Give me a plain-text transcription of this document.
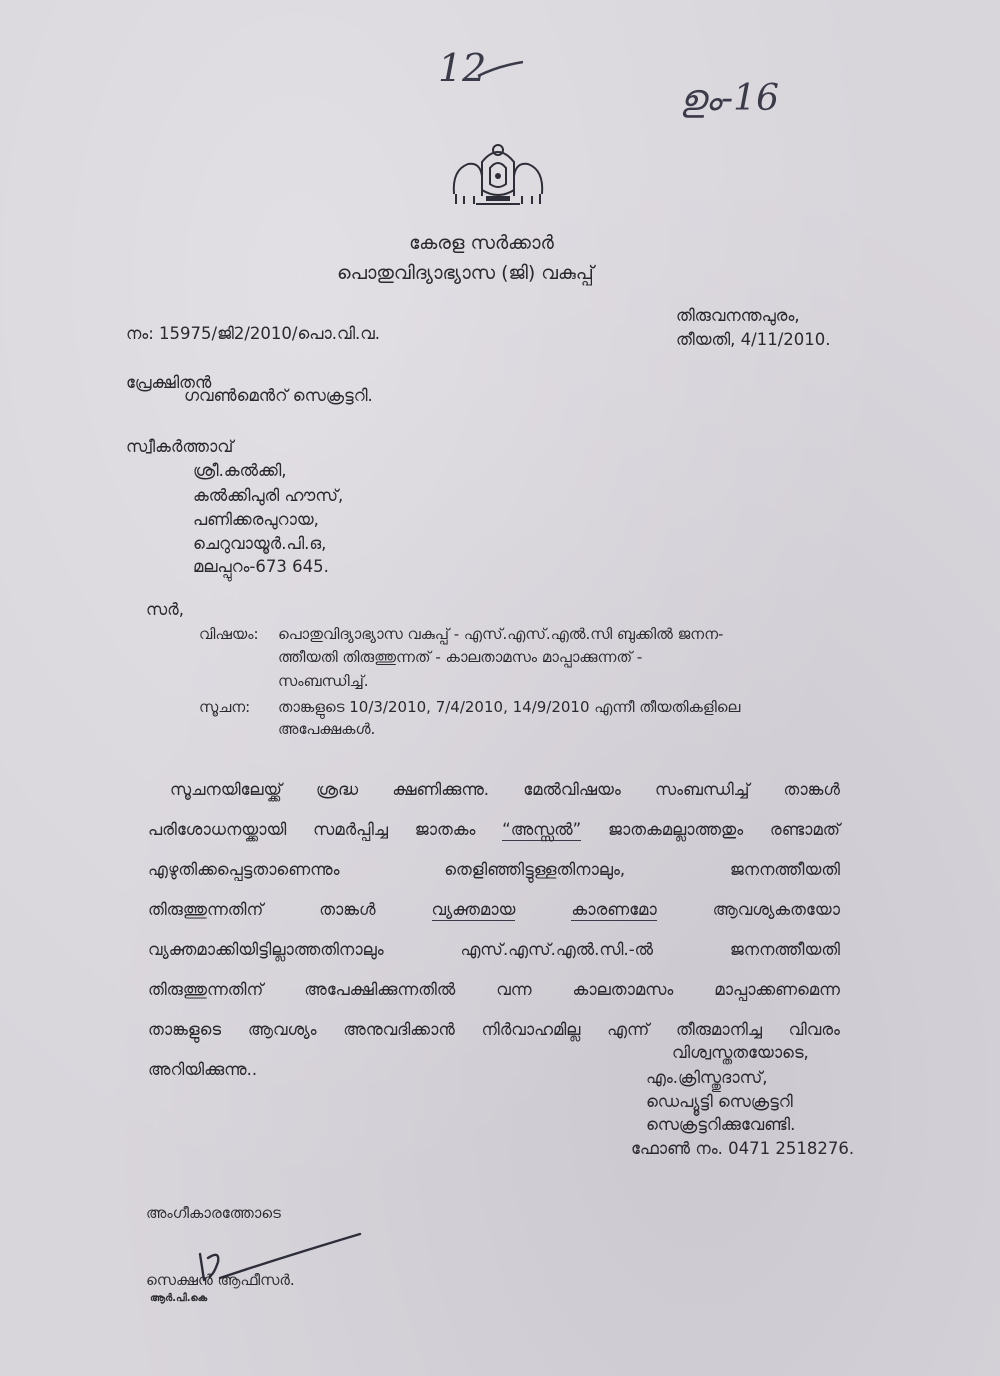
12
ഉം-16
കേരള സർക്കാർ
പൊതുവിദ്യാഭ്യാസ (ജി) വകുപ്പ്
നം: 15975/ജി2/2010/പൊ.വി.വ.
തിരുവനന്തപുരം,
തീയതി, 4/11/2010.
പ്രേക്ഷിതൻ
ഗവൺമെൻറ് സെക്രട്ടറി.
സ്വീകർത്താവ്
ശ്രീ.കൽക്കി,
കൽക്കിപുരി ഹൗസ്,
പണിക്കരപുറായ,
ചെറുവായൂർ.പി.ഒ,
മലപ്പുറം-673 645.
സർ,
വിഷയം: പൊതുവിദ്യാഭ്യാസ വകുപ്പ് - എസ്.എസ്.എൽ.സി ബുക്കിൽ ജനന-
ത്തീയതി തിരുത്തുന്നത് - കാലതാമസം മാപ്പാക്കുന്നത് -
സംബന്ധിച്ച്.
സൂചന: താങ്കളുടെ 10/3/2010, 7/4/2010, 14/9/2010 എന്നീ തീയതികളിലെ
അപേക്ഷകൾ.
സൂചനയിലേയ്ക്ക് ശ്രദ്ധ ക്ഷണിക്കുന്നു. മേൽവിഷയം സംബന്ധിച്ച് താങ്കൾ
പരിശോധനയ്ക്കായി സമർപ്പിച്ച ജാതകം “അസ്സൽ” ജാതകമല്ലാത്തതും രണ്ടാമത്
എഴുതിക്കപ്പെട്ടതാണെന്നും	തെളിഞ്ഞിട്ടുള്ളതിനാലും,	ജനനത്തീയതി
തിരുത്തുന്നതിന്	താങ്കൾ	വ്യക്തമായ	കാരണമോ	ആവശ്യകതയോ
വ്യക്തമാക്കിയിട്ടില്ലാത്തതിനാലും	എസ്.എസ്.എൽ.സി.-ൽ	ജനനത്തീയതി
തിരുത്തുന്നതിന് അപേക്ഷിക്കുന്നതിൽ വന്ന കാലതാമസം മാപ്പാക്കണമെന്ന
താങ്കളുടെ ആവശ്യം അനുവദിക്കാൻ നിർവാഹമില്ല എന്ന് തീരുമാനിച്ച വിവരം
അറിയിക്കുന്നു..
വിശ്വസ്തതയോടെ,
എം.ക്രിസ്തുദാസ്,
ഡെപ്യൂട്ടി സെക്രട്ടറി
സെക്രട്ടറിക്കുവേണ്ടി.
ഫോൺ നം. 0471 2518276.
അംഗീകാരത്തോടെ
സെക്ഷൻ ആഫീസർ.
ആർ.പി.കെ
